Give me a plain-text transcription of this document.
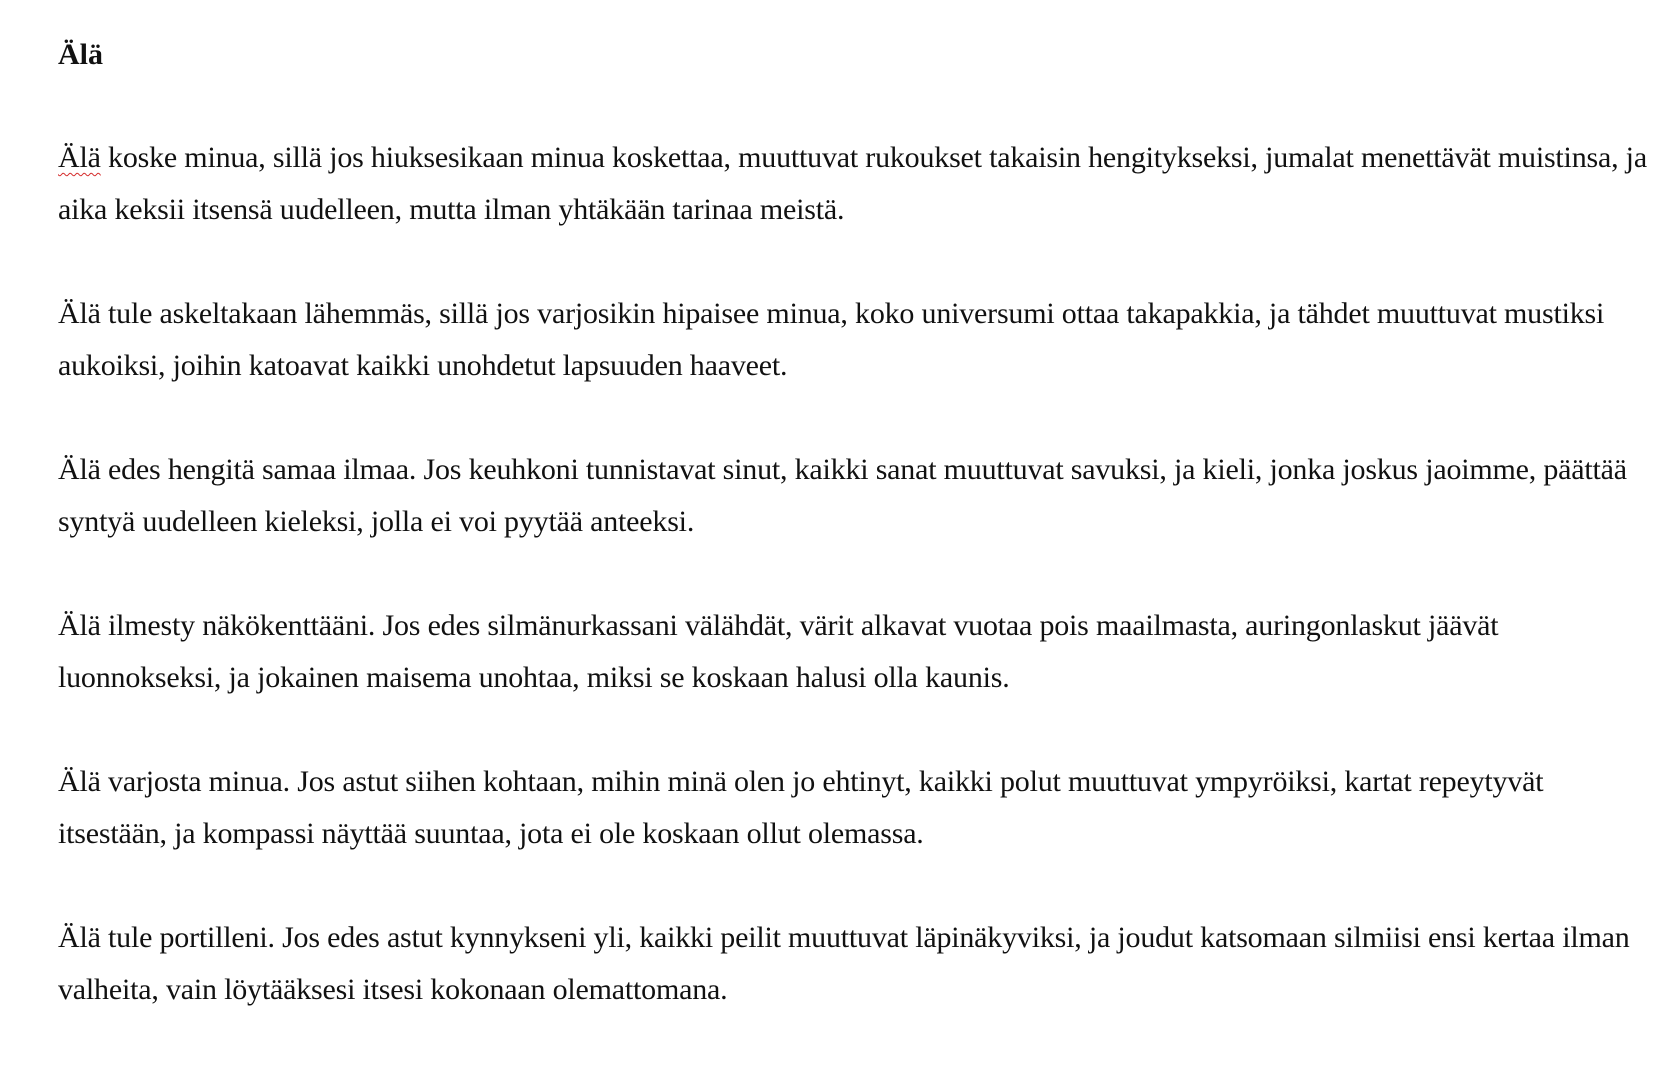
Älä

Älä koske minua, sillä jos hiuksesikaan minua koskettaa, muuttuvat rukoukset takaisin hengitykseksi, jumalat menettävät muistinsa, ja aika keksii itsensä uudelleen, mutta ilman yhtäkään tarinaa meistä.

Älä tule askeltakaan lähemmäs, sillä jos varjosikin hipaisee minua, koko universumi ottaa takapakkia, ja tähdet muuttuvat mustiksi aukoiksi, joihin katoavat kaikki unohdetut lapsuuden haaveet.

Älä edes hengitä samaa ilmaa. Jos keuhkoni tunnistavat sinut, kaikki sanat muuttuvat savuksi, ja kieli, jonka joskus jaoimme, päättää syntyä uudelleen kieleksi, jolla ei voi pyytää anteeksi.

Älä ilmesty näkökenttääni. Jos edes silmänurkassani välähdät, värit alkavat vuotaa pois maailmasta, auringonlaskut jäävät luonnokseksi, ja jokainen maisema unohtaa, miksi se koskaan halusi olla kaunis.

Älä varjosta minua. Jos astut siihen kohtaan, mihin minä olen jo ehtinyt, kaikki polut muuttuvat ympyröiksi, kartat repeytyvät itsestään, ja kompassi näyttää suuntaa, jota ei ole koskaan ollut olemassa.

Älä tule portilleni. Jos edes astut kynnykseni yli, kaikki peilit muuttuvat läpinäkyviksi, ja joudut katsomaan silmiisi ensi kertaa ilman valheita, vain löytääksesi itsesi kokonaan olemattomana.
